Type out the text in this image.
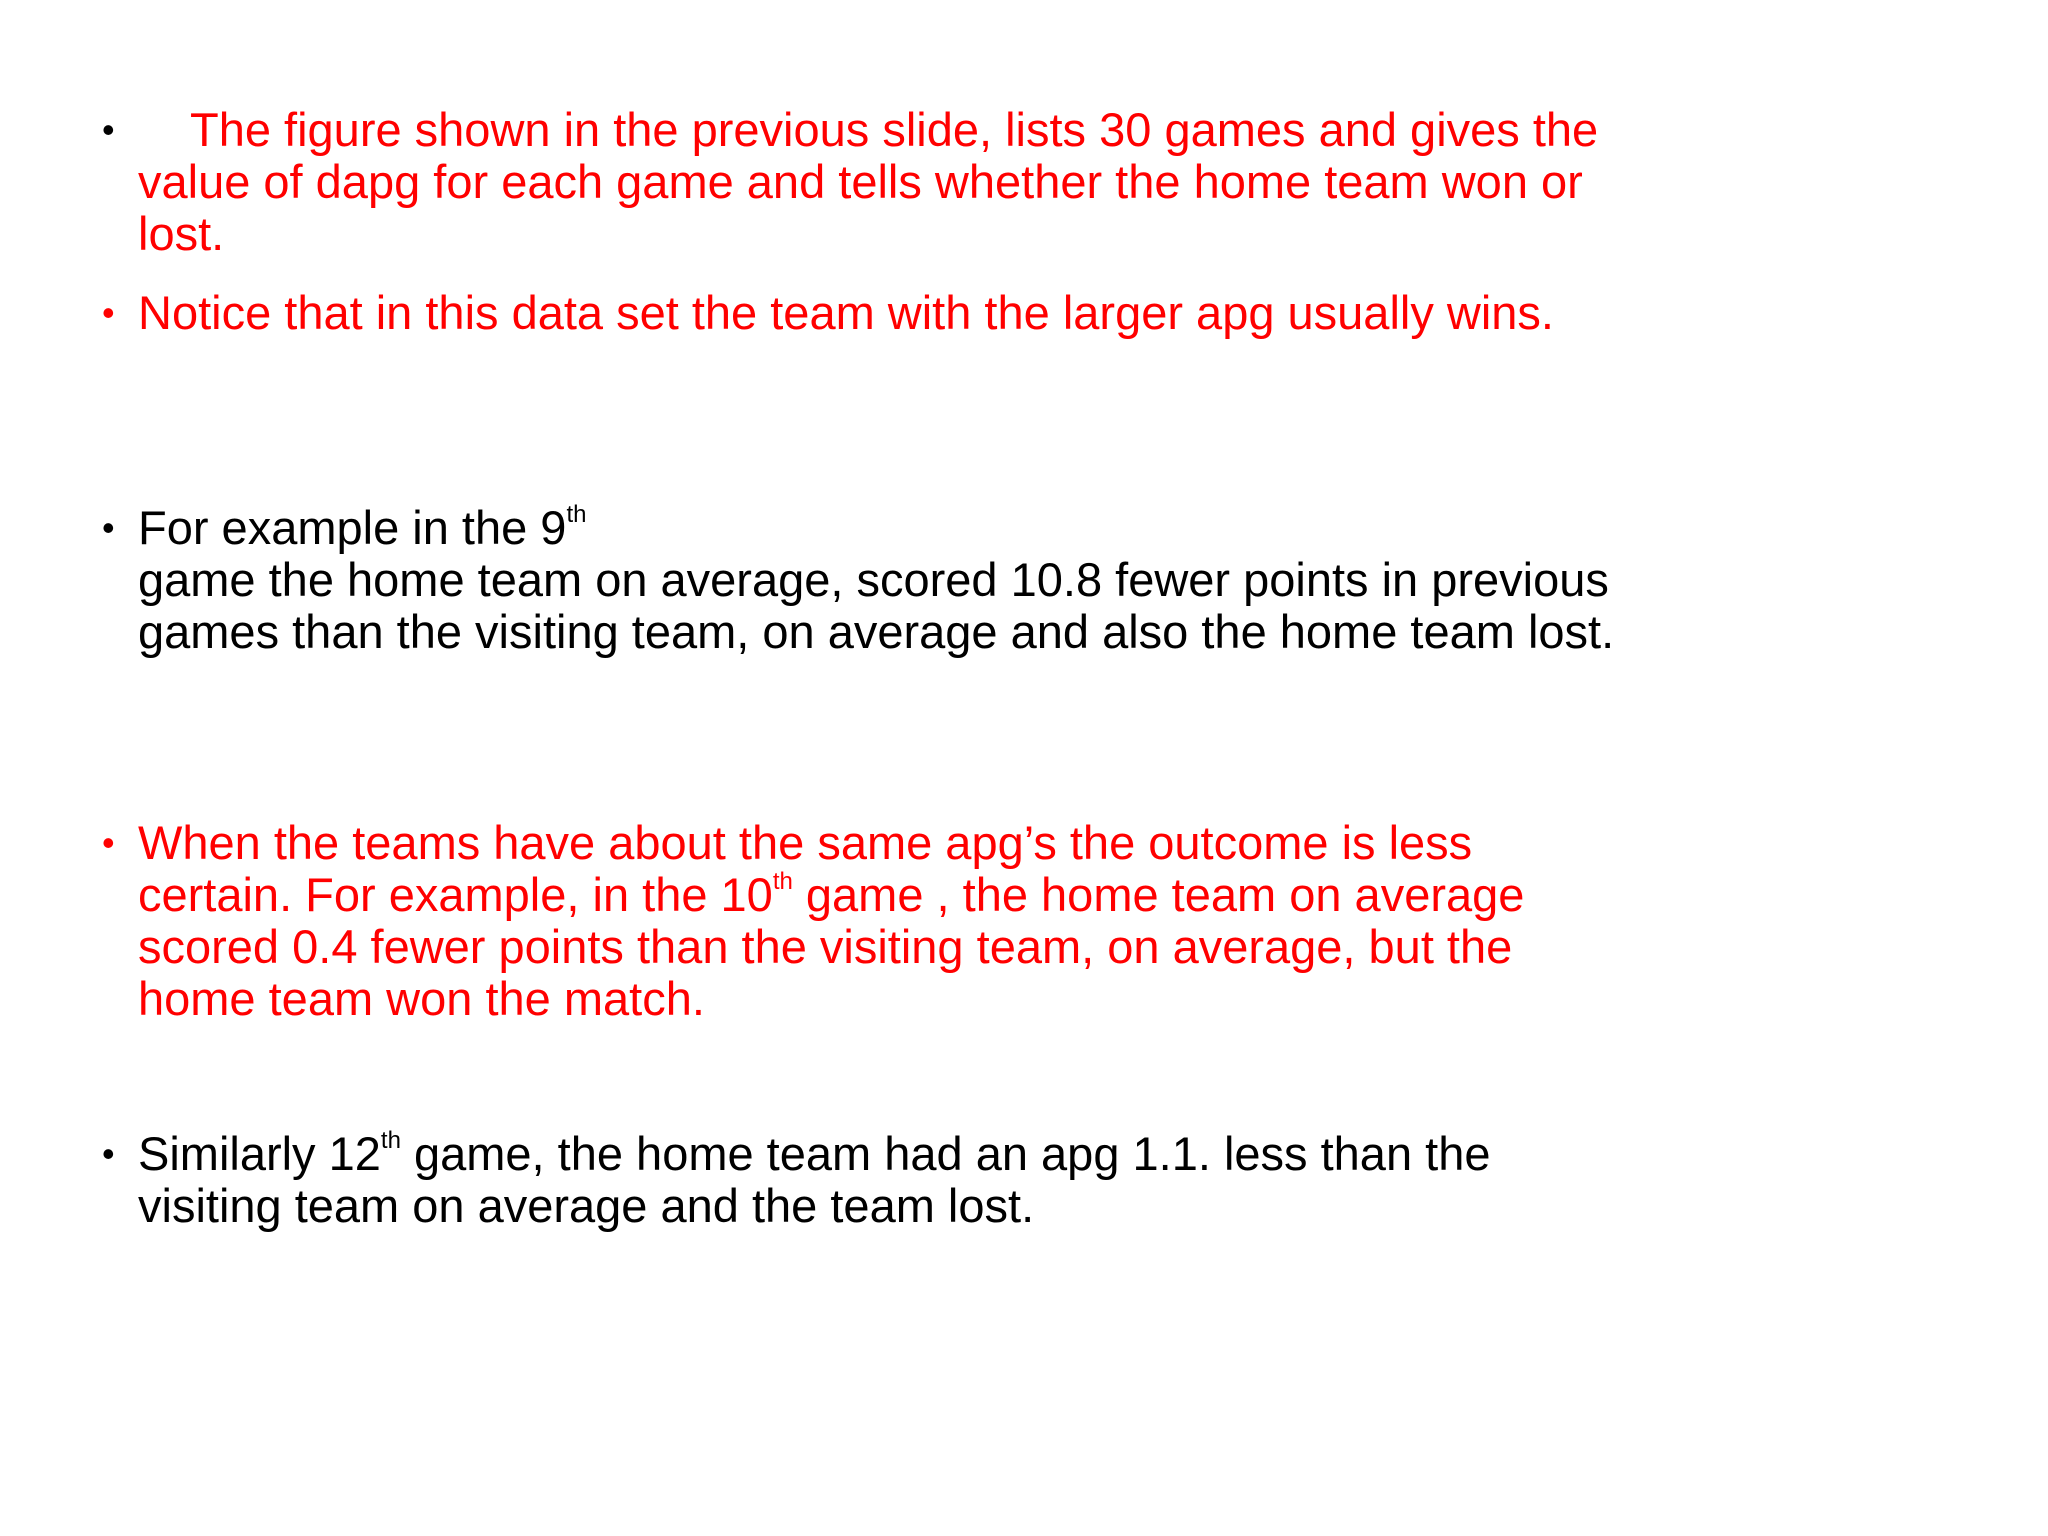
•	The figure shown in the previous slide, lists 30 games and gives the value of dapg for each game and tells whether the home team won or lost.

• Notice that in this data set the team with the larger apg usually wins.

• For example in the 9th
game the home team on average, scored 10.8 fewer points in previous games than the visiting team, on average and also the home team lost.

• When the teams have about the same apg’s the outcome is less certain. For example, in the 10th game , the home team on average scored 0.4 fewer points than the visiting team, on average, but the home team won the match.

• Similarly 12th game, the home team had an apg 1.1. less than the visiting team on average and the team lost.
